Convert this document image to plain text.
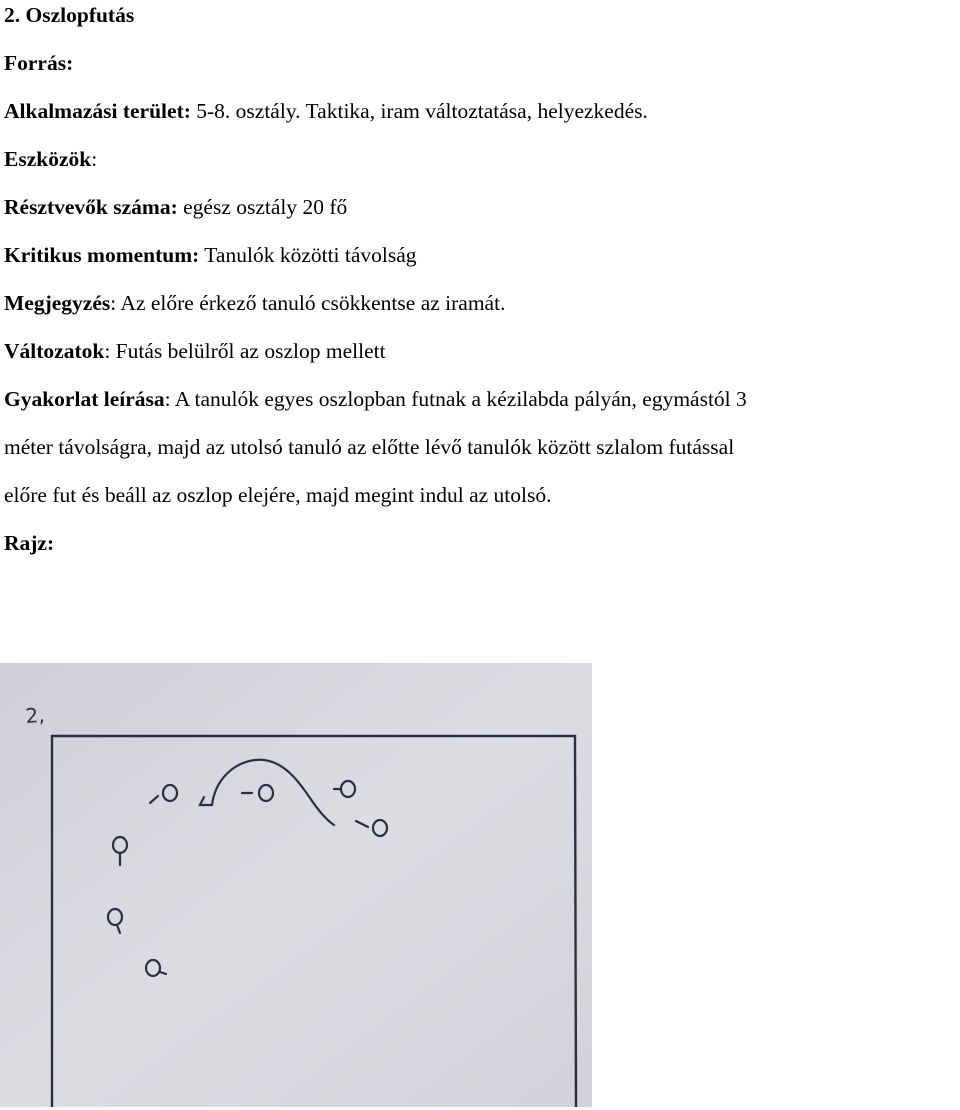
2. Oszlopfutás
Forrás:
Alkalmazási terület: 5-8. osztály. Taktika, iram változtatása, helyezkedés.
Eszközök:
Résztvevők száma: egész osztály 20 fő
Kritikus momentum: Tanulók közötti távolság
Megjegyzés: Az előre érkező tanuló csökkentse az iramát.
Változatok: Futás belülről az oszlop mellett
Gyakorlat leírása: A tanulók egyes oszlopban futnak a kézilabda pályán, egymástól 3
méter távolságra, majd az utolsó tanuló az előtte lévő tanulók között szlalom futással
előre fut és beáll az oszlop elejére, majd megint indul az utolsó.
Rajz:
2,
